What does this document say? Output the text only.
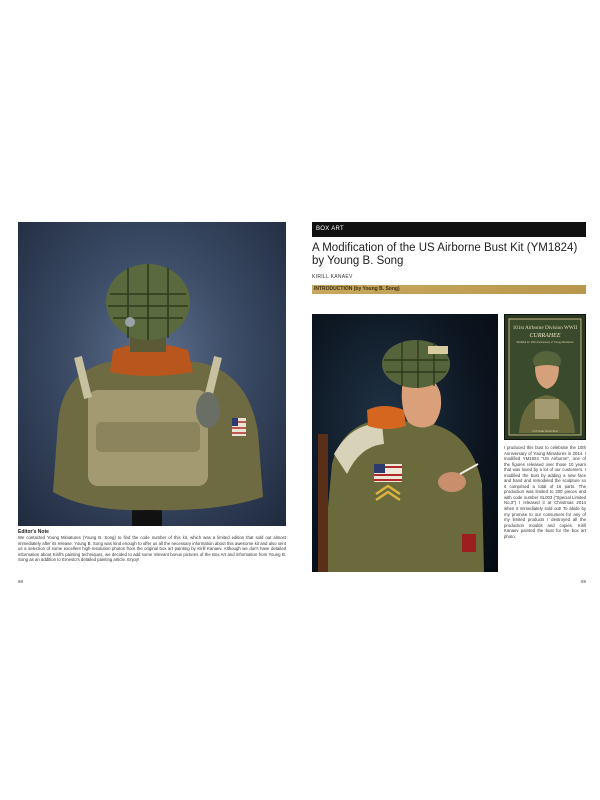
Editor's Note
We contacted Young Miniatures (Young B. Song) to find the code number of this kit, which was a limited edition that sold out almost immediately after its release. Young B. Song was kind enough to offer us all the necessary information about this awesome kit and also sent us a selection of some excellent high-resolution photos from the original box art painting by Kirill Kanaev. Although we don't have detailed information about Kirill's painting techniques, we decided to add some relevant bonus pictures of the Box Art and information from Young B. Song as an addition to Ernesto's detailed painting article. Enjoy!
68
BOX ART
A Modification of the US Airborne Bust Kit (YM1824) by Young B. Song
KIRILL KANAEV
INTRODUCTION (by Young B. Song)
101st Airborne Division WWII
CURRAHEE
Modified for 10th Anniversary of Young Miniatures
1/10 Scale Resin Bust
I produced this bust to celebrate the 10th Anniversary of Young Miniatures in 2014. I modified YM1824 "US Airborne", one of the figures released over those 10 years that was loved by a lot of our customers. I modified the bust by adding a new face and hand and remodeled the sculpture so it comprised a total of 16 parts. The production was limited to 200 pieces and with code number SL003 ("Special Limited No.3") I released it at Christmas 2014 when it immediately sold out! To abide by my promise to our consumers for any of my limited products I destroyed all the production moulds and copies. Kirill Kanaev painted the bust for the box art photo.
69
